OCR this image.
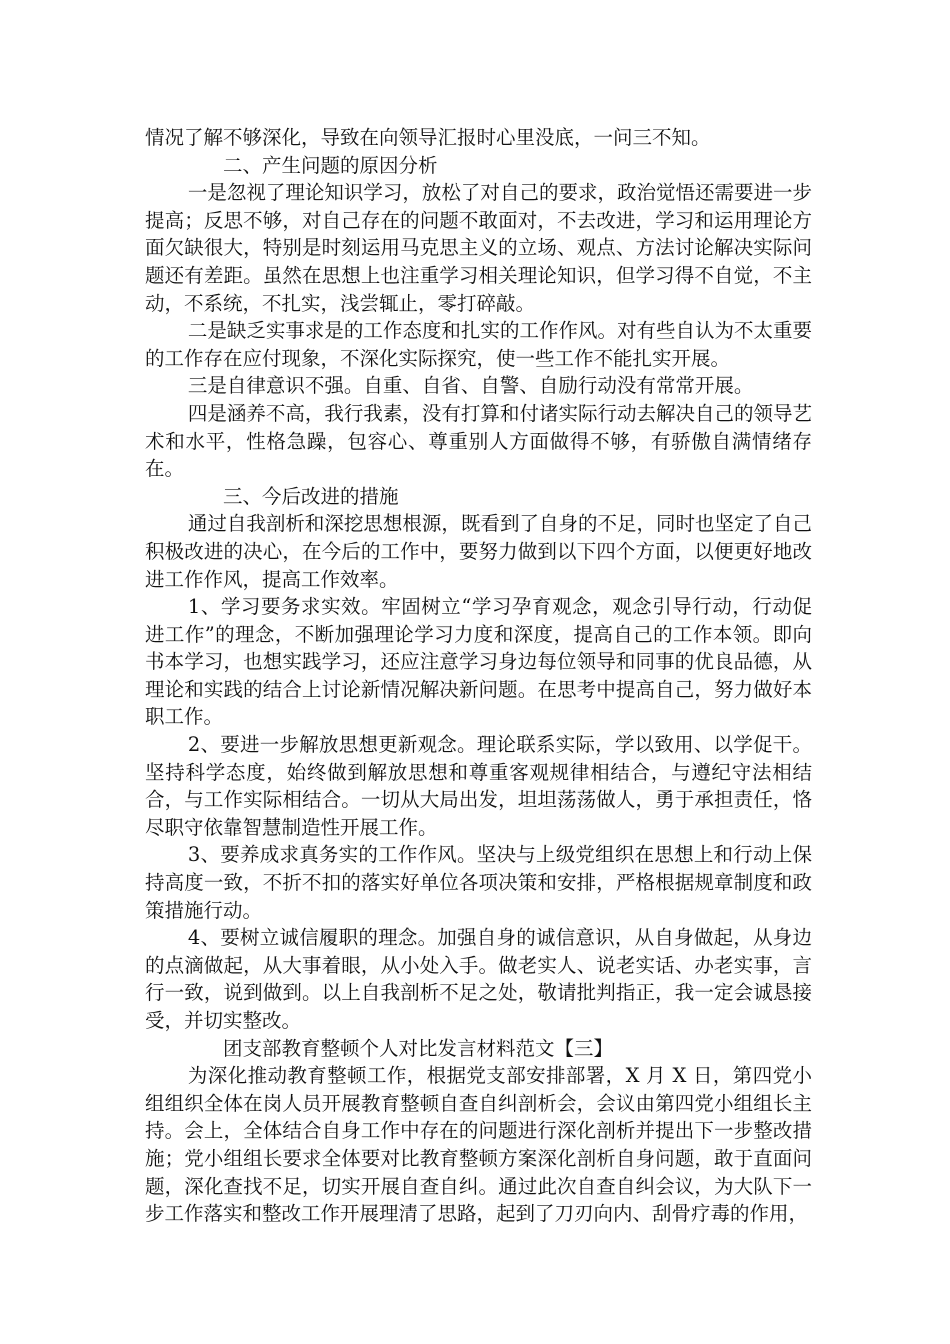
情况了解不够深化，导致在向领导汇报时心里没底，一问三不知。

二、产生问题的原因分析

一是忽视了理论知识学习，放松了对自己的要求，政治觉悟还需要进一步提高；反思不够，对自己存在的问题不敢面对，不去改进，学习和运用理论方面欠缺很大，特别是时刻运用马克思主义的立场、观点、方法讨论解决实际问题还有差距。虽然在思想上也注重学习相关理论知识，但学习得不自觉，不主动，不系统，不扎实，浅尝辄止，零打碎敲。

二是缺乏实事求是的工作态度和扎实的工作作风。对有些自认为不太重要的工作存在应付现象，不深化实际探究，使一些工作不能扎实开展。

三是自律意识不强。自重、自省、自警、自励行动没有常常开展。

四是涵养不高，我行我素，没有打算和付诸实际行动去解决自己的领导艺术和水平，性格急躁，包容心、尊重别人方面做得不够，有骄傲自满情绪存在。

三、今后改进的措施

通过自我剖析和深挖思想根源，既看到了自身的不足，同时也坚定了自己积极改进的决心，在今后的工作中，要努力做到以下四个方面，以便更好地改进工作作风，提高工作效率。

1、学习要务求实效。牢固树立“学习孕育观念，观念引导行动，行动促进工作”的理念，不断加强理论学习力度和深度，提高自己的工作本领。即向书本学习，也想实践学习，还应注意学习身边每位领导和同事的优良品德，从理论和实践的结合上讨论新情况解决新问题。在思考中提高自己，努力做好本职工作。

2、要进一步解放思想更新观念。理论联系实际，学以致用、以学促干。坚持科学态度，始终做到解放思想和尊重客观规律相结合，与遵纪守法相结合，与工作实际相结合。一切从大局出发，坦坦荡荡做人，勇于承担责任，恪尽职守依靠智慧制造性开展工作。

3、要养成求真务实的工作作风。坚决与上级党组织在思想上和行动上保持高度一致，不折不扣的落实好单位各项决策和安排，严格根据规章制度和政策措施行动。

4、要树立诚信履职的理念。加强自身的诚信意识，从自身做起，从身边的点滴做起，从大事着眼，从小处入手。做老实人、说老实话、办老实事，言行一致，说到做到。以上自我剖析不足之处，敬请批判指正，我一定会诚恳接受，并切实整改。

团支部教育整顿个人对比发言材料范文【三】

为深化推动教育整顿工作，根据党支部安排部署，X 月 X 日，第四党小组组织全体在岗人员开展教育整顿自查自纠剖析会，会议由第四党小组组长主持。会上，全体结合自身工作中存在的问题进行深化剖析并提出下一步整改措施；党小组组长要求全体要对比教育整顿方案深化剖析自身问题，敢于直面问题，深化查找不足，切实开展自查自纠。通过此次自查自纠会议，为大队下一步工作落实和整改工作开展理清了思路，起到了刀刃向内、刮骨疗毒的作用，
